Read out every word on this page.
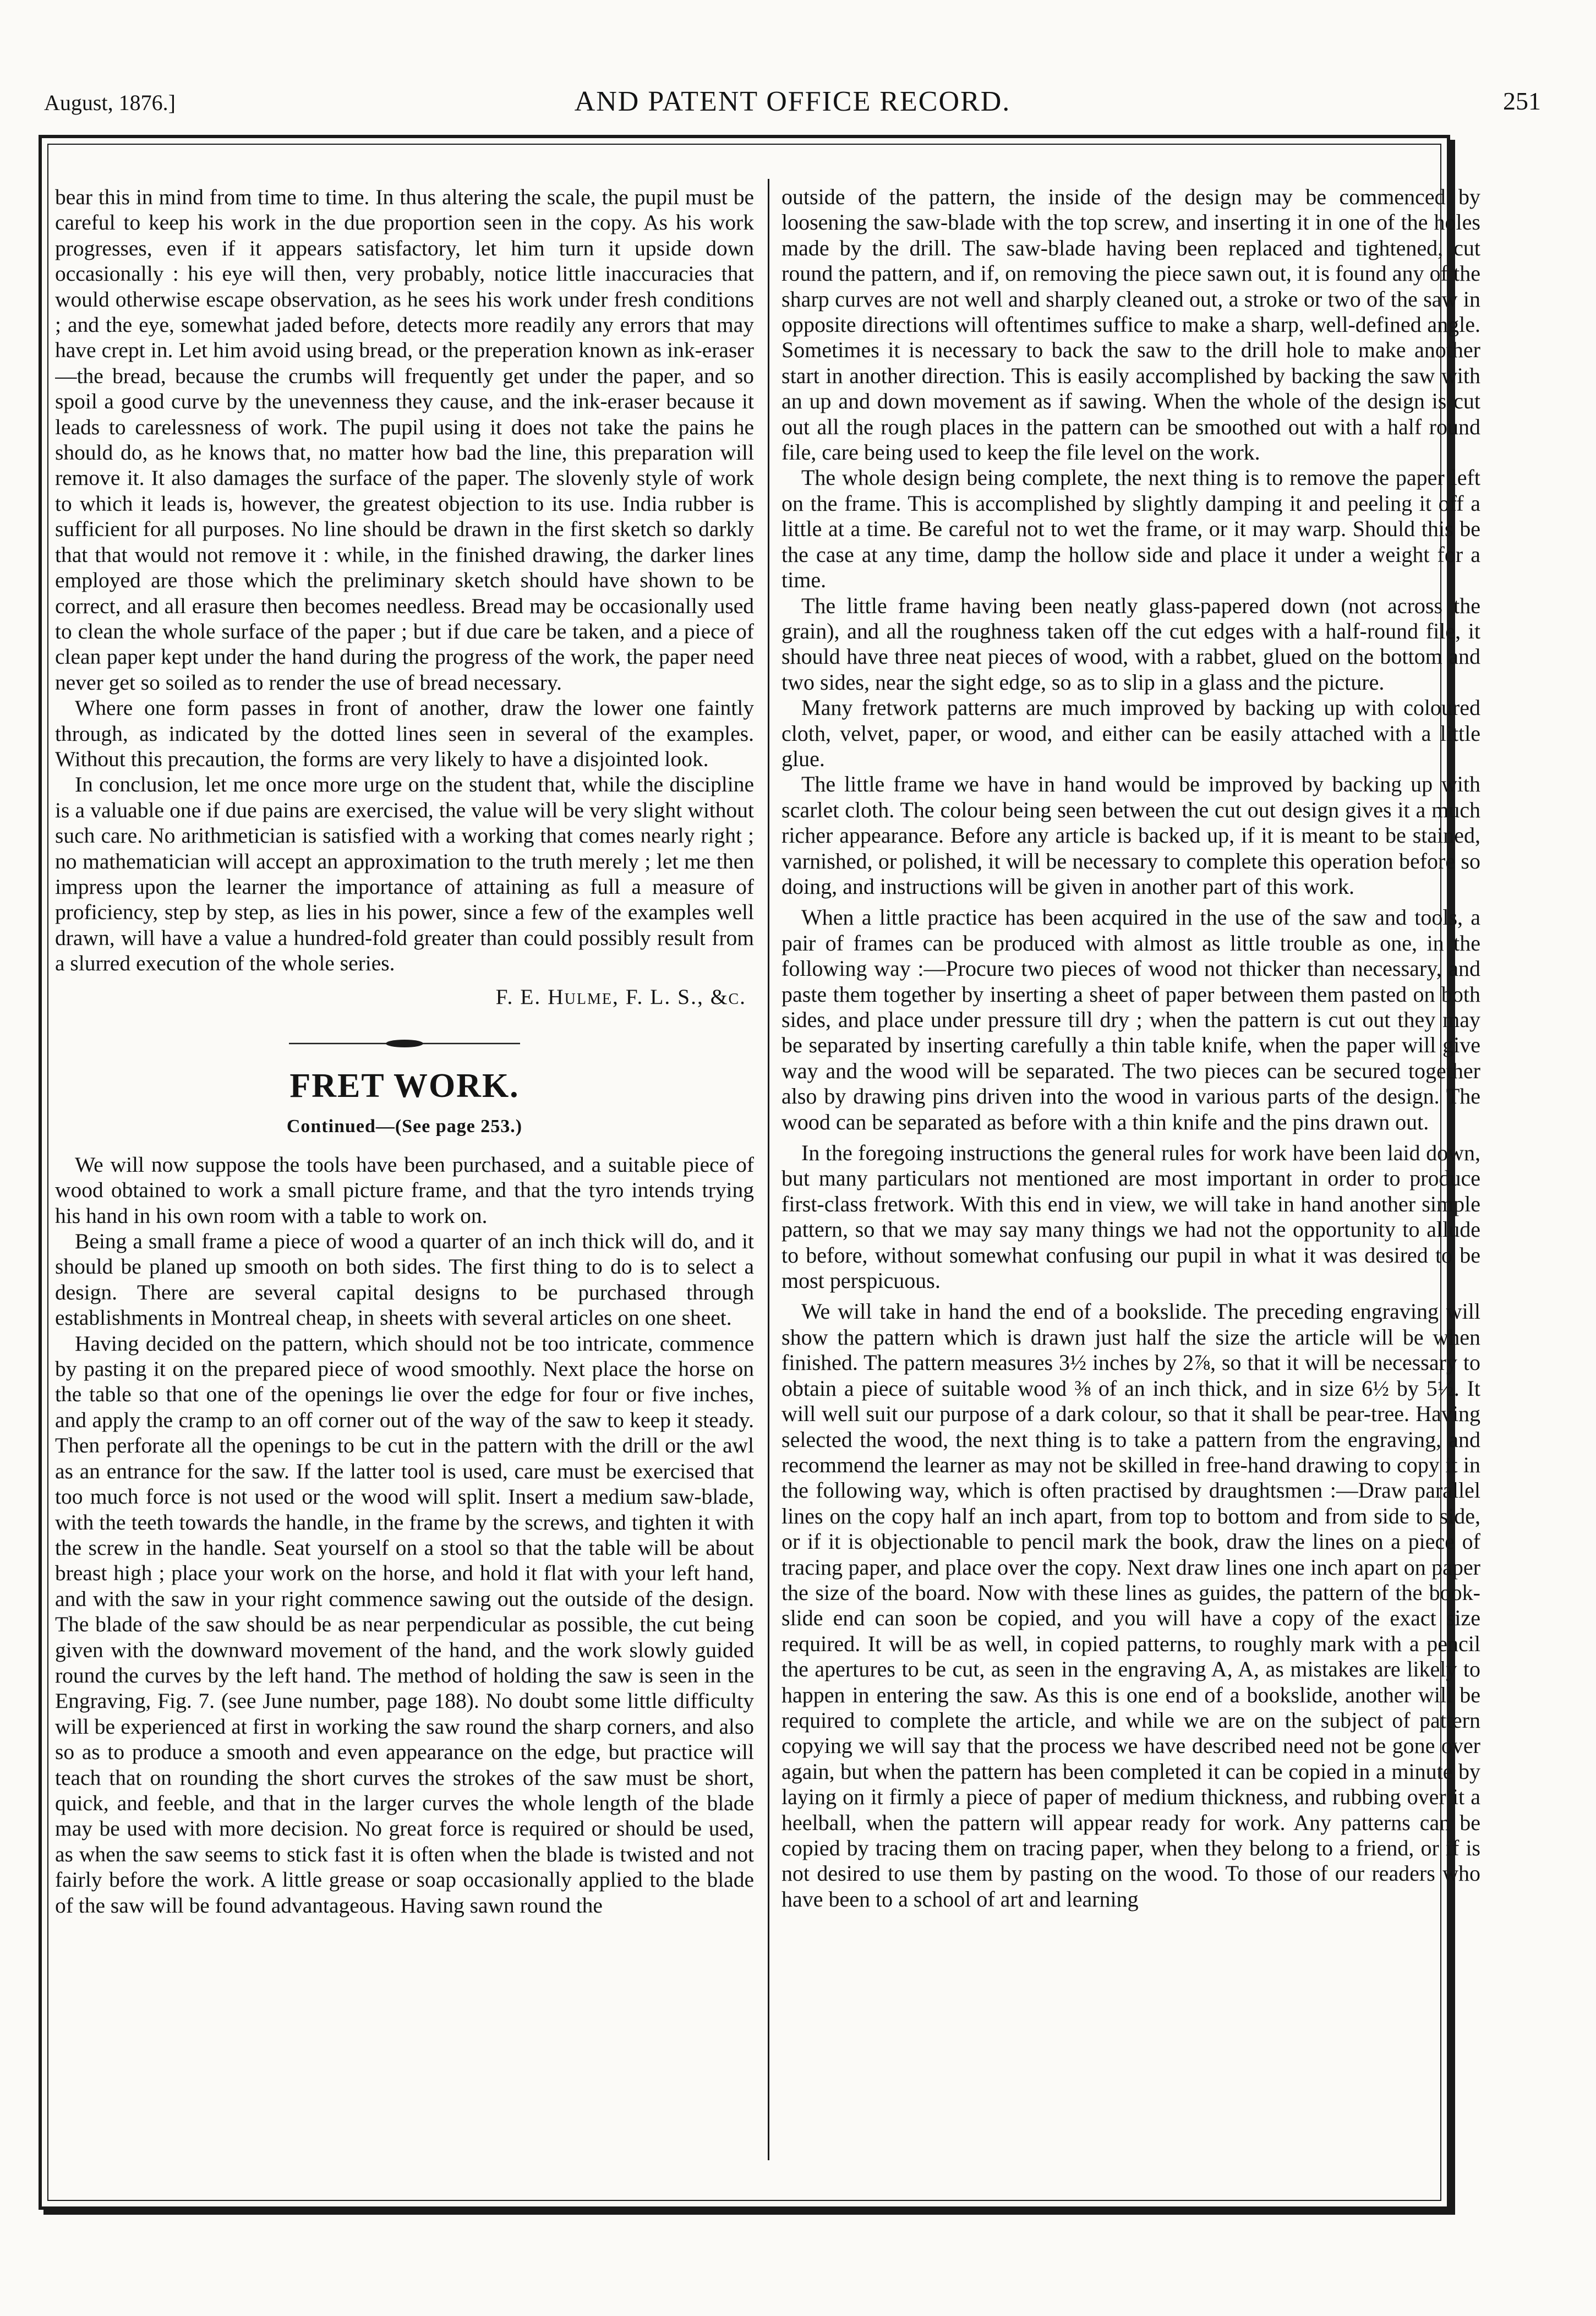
August, 1876.]	AND PATENT OFFICE RECORD.	251

bear this in mind from time to time. In thus altering the scale, the pupil must be careful to keep his work in the due proportion seen in the copy. As his work progresses, even if it appears satisfactory, let him turn it upside down occasionally : his eye will then, very probably, notice little inaccuracies that would otherwise escape observation, as he sees his work under fresh conditions ; and the eye, somewhat jaded before, detects more readily any errors that may have crept in. Let him avoid using bread, or the preperation known as ink-eraser—the bread, because the crumbs will frequently get under the paper, and so spoil a good curve by the unevenness they cause, and the ink-eraser because it leads to carelessness of work. The pupil using it does not take the pains he should do, as he knows that, no matter how bad the line, this preparation will remove it. It also damages the surface of the paper. The slovenly style of work to which it leads is, however, the greatest objection to its use. India rubber is sufficient for all purposes. No line should be drawn in the first sketch so darkly that that would not remove it : while, in the finished drawing, the darker lines employed are those which the preliminary sketch should have shown to be correct, and all erasure then becomes needless. Bread may be occasionally used to clean the whole surface of the paper ; but if due care be taken, and a piece of clean paper kept under the hand during the progress of the work, the paper need never get so soiled as to render the use of bread necessary.

Where one form passes in front of another, draw the lower one faintly through, as indicated by the dotted lines seen in several of the examples. Without this precaution, the forms are very likely to have a disjointed look.

In conclusion, let me once more urge on the student that, while the discipline is a valuable one if due pains are exercised, the value will be very slight without such care. No arithmetician is satisfied with a working that comes nearly right ; no mathematician will accept an approximation to the truth merely ; let me then impress upon the learner the importance of attaining as full a measure of proficiency, step by step, as lies in his power, since a few of the examples well drawn, will have a value a hundred-fold greater than could possibly result from a slurred execution of the whole series.

F. E. Hulme, F. L. S., &c.

FRET WORK.
Continued—(See page 253.)

We will now suppose the tools have been purchased, and a suitable piece of wood obtained to work a small picture frame, and that the tyro intends trying his hand in his own room with a table to work on.

Being a small frame a piece of wood a quarter of an inch thick will do, and it should be planed up smooth on both sides. The first thing to do is to select a design. There are several capital designs to be purchased through establishments in Montreal cheap, in sheets with several articles on one sheet.

Having decided on the pattern, which should not be too intricate, commence by pasting it on the prepared piece of wood smoothly. Next place the horse on the table so that one of the openings lie over the edge for four or five inches, and apply the cramp to an off corner out of the way of the saw to keep it steady. Then perforate all the openings to be cut in the pattern with the drill or the awl as an entrance for the saw. If the latter tool is used, care must be exercised that too much force is not used or the wood will split. Insert a medium saw-blade, with the teeth towards the handle, in the frame by the screws, and tighten it with the screw in the handle. Seat yourself on a stool so that the table will be about breast high ; place your work on the horse, and hold it flat with your left hand, and with the saw in your right commence sawing out the outside of the design. The blade of the saw should be as near perpendicular as possible, the cut being given with the downward movement of the hand, and the work slowly guided round the curves by the left hand. The method of holding the saw is seen in the Engraving, Fig. 7. (see June number, page 188). No doubt some little difficulty will be experienced at first in working the saw round the sharp corners, and also so as to produce a smooth and even appearance on the edge, but practice will teach that on rounding the short curves the strokes of the saw must be short, quick, and feeble, and that in the larger curves the whole length of the blade may be used with more decision. No great force is required or should be used, as when the saw seems to stick fast it is often when the blade is twisted and not fairly before the work. A little grease or soap occasionally applied to the blade of the saw will be found advantageous. Having sawn round the

outside of the pattern, the inside of the design may be commenced by loosening the saw-blade with the top screw, and inserting it in one of the holes made by the drill. The saw-blade having been replaced and tightened, cut round the pattern, and if, on removing the piece sawn out, it is found any of the sharp curves are not well and sharply cleaned out, a stroke or two of the saw in opposite directions will oftentimes suffice to make a sharp, well-defined angle. Sometimes it is necessary to back the saw to the drill hole to make another start in another direction. This is easily accomplished by backing the saw with an up and down movement as if sawing. When the whole of the design is cut out all the rough places in the pattern can be smoothed out with a half round file, care being used to keep the file level on the work.

The whole design being complete, the next thing is to remove the paper left on the frame. This is accomplished by slightly damping it and peeling it off a little at a time. Be careful not to wet the frame, or it may warp. Should this be the case at any time, damp the hollow side and place it under a weight for a time.

The little frame having been neatly glass-papered down (not across the grain), and all the roughness taken off the cut edges with a half-round file, it should have three neat pieces of wood, with a rabbet, glued on the bottom and two sides, near the sight edge, so as to slip in a glass and the picture.

Many fretwork patterns are much improved by backing up with coloured cloth, velvet, paper, or wood, and either can be easily attached with a little glue.

The little frame we have in hand would be improved by backing up with scarlet cloth. The colour being seen between the cut out design gives it a much richer appearance. Before any article is backed up, if it is meant to be stained, varnished, or polished, it will be necessary to complete this operation before so doing, and instructions will be given in another part of this work.

When a little practice has been acquired in the use of the saw and tools, a pair of frames can be produced with almost as little trouble as one, in the following way :—Procure two pieces of wood not thicker than necessary, and paste them together by inserting a sheet of paper between them pasted on both sides, and place under pressure till dry ; when the pattern is cut out they may be separated by inserting carefully a thin table knife, when the paper will give way and the wood will be separated. The two pieces can be secured together also by drawing pins driven into the wood in various parts of the design. The wood can be separated as before with a thin knife and the pins drawn out.

In the foregoing instructions the general rules for work have been laid down, but many particulars not mentioned are most important in order to produce first-class fretwork. With this end in view, we will take in hand another simple pattern, so that we may say many things we had not the opportunity to allude to before, without somewhat confusing our pupil in what it was desired to be most perspicuous.

We will take in hand the end of a bookslide. The preceding engraving will show the pattern which is drawn just half the size the article will be when finished. The pattern measures 3½ inches by 2⅞, so that it will be necessary to obtain a piece of suitable wood ⅜ of an inch thick, and in size 6½ by 5½. It will well suit our purpose of a dark colour, so that it shall be pear-tree. Having selected the wood, the next thing is to take a pattern from the engraving, and recommend the learner as may not be skilled in free-hand drawing to copy it in the following way, which is often practised by draughtsmen :—Draw parallel lines on the copy half an inch apart, from top to bottom and from side to side, or if it is objectionable to pencil mark the book, draw the lines on a piece of tracing paper, and place over the copy. Next draw lines one inch apart on paper the size of the board. Now with these lines as guides, the pattern of the book-slide end can soon be copied, and you will have a copy of the exact size required. It will be as well, in copied patterns, to roughly mark with a pencil the apertures to be cut, as seen in the engraving A, A, as mistakes are likely to happen in entering the saw. As this is one end of a bookslide, another will be required to complete the article, and while we are on the subject of pattern copying we will say that the process we have described need not be gone over again, but when the pattern has been completed it can be copied in a minute by laying on it firmly a piece of paper of medium thickness, and rubbing over it a heelball, when the pattern will appear ready for work. Any patterns can be copied by tracing them on tracing paper, when they belong to a friend, or if is not desired to use them by pasting on the wood. To those of our readers who have been to a school of art and learning
